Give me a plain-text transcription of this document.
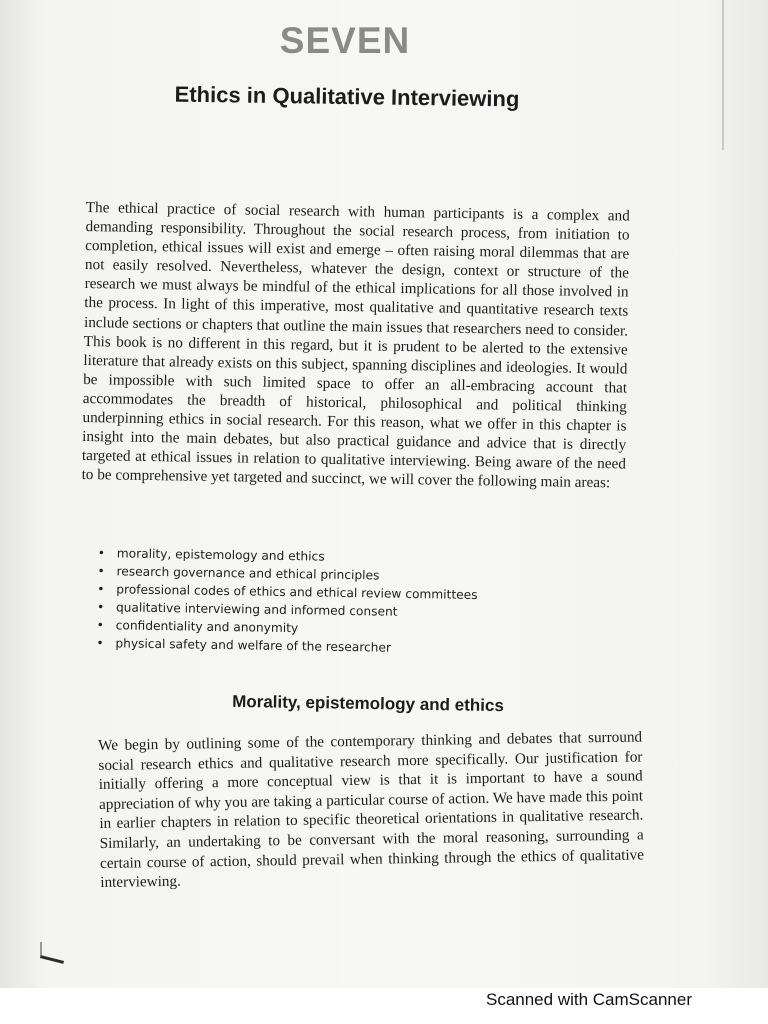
SEVEN
Ethics in Qualitative Interviewing

The ethical practice of social research with human participants is a complex and demanding responsibility. Throughout the social research process, from initiation to completion, ethical issues will exist and emerge – often raising moral dilemmas that are not easily resolved. Nevertheless, whatever the design, context or structure of the research we must always be mindful of the ethical implications for all those involved in the process. In light of this imperative, most qualitative and quantitative research texts include sections or chapters that outline the main issues that researchers need to consider. This book is no different in this regard, but it is prudent to be alerted to the extensive literature that already exists on this subject, spanning disciplines and ideologies. It would be impossible with such limited space to offer an all-embracing account that accommodates the breadth of historical, philosophical and political thinking underpinning ethics in social research. For this reason, what we offer in this chapter is insight into the main debates, but also practical guidance and advice that is directly targeted at ethical issues in relation to qualitative interviewing. Being aware of the need to be comprehensive yet targeted and succinct, we will cover the following main areas:

• morality, epistemology and ethics
• research governance and ethical principles
• professional codes of ethics and ethical review committees
• qualitative interviewing and informed consent
• confidentiality and anonymity
• physical safety and welfare of the researcher
Morality, epistemology and ethics

We begin by outlining some of the contemporary thinking and debates that surround social research ethics and qualitative research more specifically. Our justification for initially offering a more conceptual view is that it is important to have a sound appreciation of why you are taking a particular course of action. We have made this point in earlier chapters in relation to specific theoretical orientations in qualitative research. Similarly, an undertaking to be conversant with the moral reasoning, surrounding a certain course of action, should prevail when thinking through the ethics of qualitative interviewing.

Scanned with CamScanner
